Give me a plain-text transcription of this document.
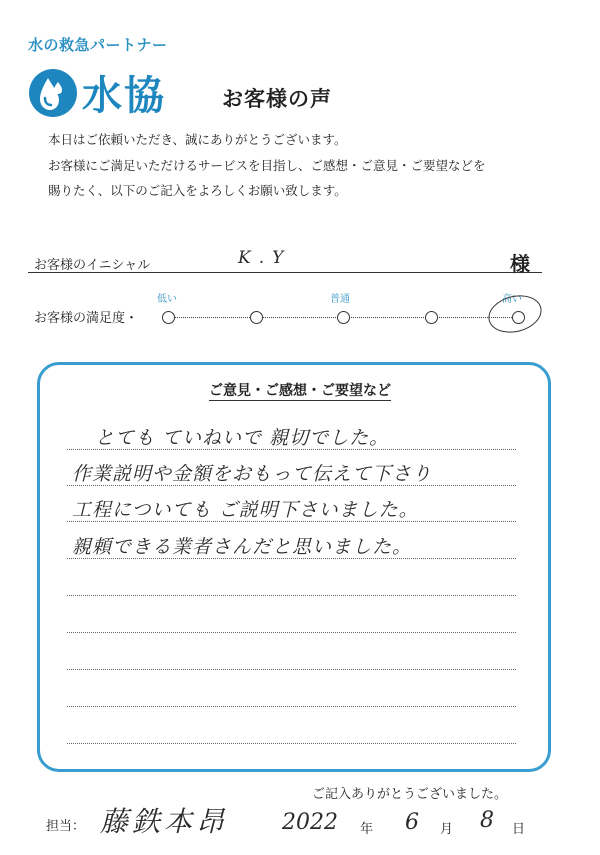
水の救急パートナー
水協	お客様の声
本日はご依頼いただき、誠にありがとうございます。
お客様にご満足いただけるサービスを目指し、ご感想・ご意見・ご要望などを
賜りたく、以下のご記入をよろしくお願い致します。
お客様のイニシャル	K.Y	様
お客様の満足度・
低い	普通	高い
ご意見・ご感想・ご要望など
とても ていねいで 親切でした。
作業説明や金額をおもって伝えて下さり
工程についても ご説明下さいました。
親頼できる業者さんだと思いました。
ご記入ありがとうございました。
担当： 藤鉄本昂 2022 年 6 月 8 日
